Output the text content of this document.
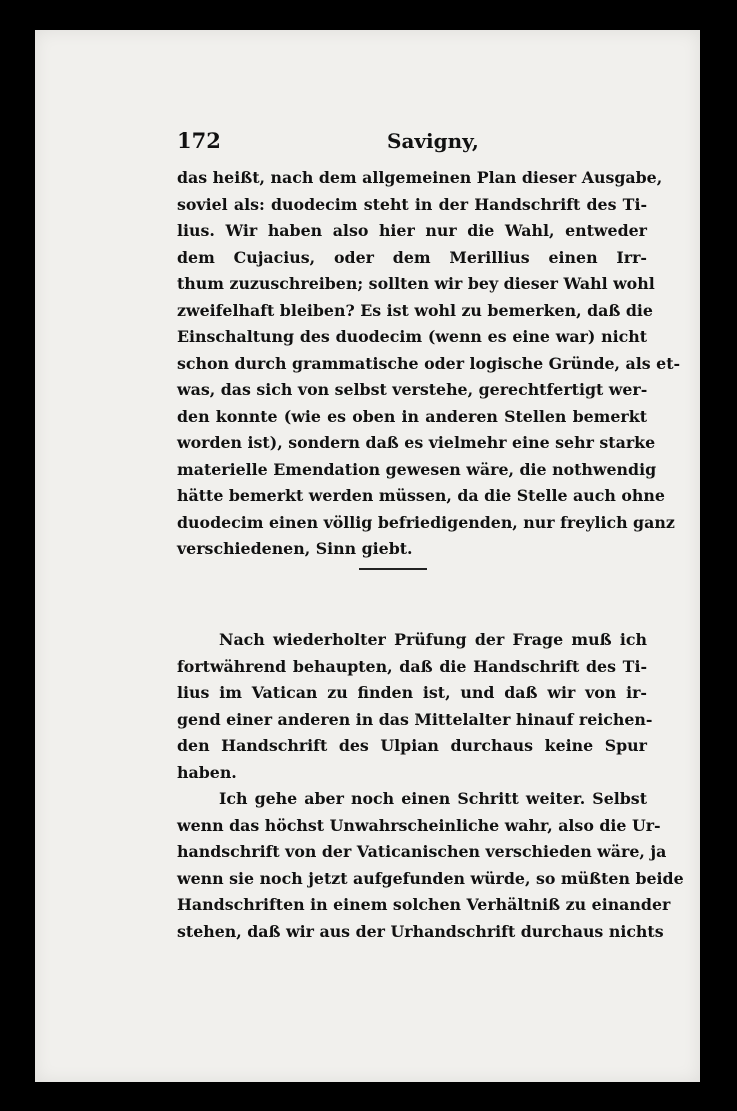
172	Savigny,
das heißt, nach dem allgemeinen Plan dieser Ausgabe,
soviel als: duodecim steht in der Handschrift des Ti-
lius. Wir haben also hier nur die Wahl, entweder
dem Cujacius, oder dem Merillius einen Irr-
thum zuzuschreiben; sollten wir bey dieser Wahl wohl
zweifelhaft bleiben? Es ist wohl zu bemerken, daß die
Einschaltung des duodecim (wenn es eine war) nicht
schon durch grammatische oder logische Gründe, als et-
was, das sich von selbst verstehe, gerechtfertigt wer-
den konnte (wie es oben in anderen Stellen bemerkt
worden ist), sondern daß es vielmehr eine sehr starke
materielle Emendation gewesen wäre, die nothwendig
hätte bemerkt werden müssen, da die Stelle auch ohne
duodecim einen völlig befriedigenden, nur freylich ganz
verschiedenen, Sinn giebt.
Nach wiederholter Prüfung der Frage muß ich
fortwährend behaupten, daß die Handschrift des Ti-
lius im Vatican zu finden ist, und daß wir von ir-
gend einer anderen in das Mittelalter hinauf reichen-
den Handschrift des Ulpian durchaus keine Spur
haben.
Ich gehe aber noch einen Schritt weiter. Selbst
wenn das höchst Unwahrscheinliche wahr, also die Ur-
handschrift von der Vaticanischen verschieden wäre, ja
wenn sie noch jetzt aufgefunden würde, so müßten beide
Handschriften in einem solchen Verhältniß zu einander
stehen, daß wir aus der Urhandschrift durchaus nichts
